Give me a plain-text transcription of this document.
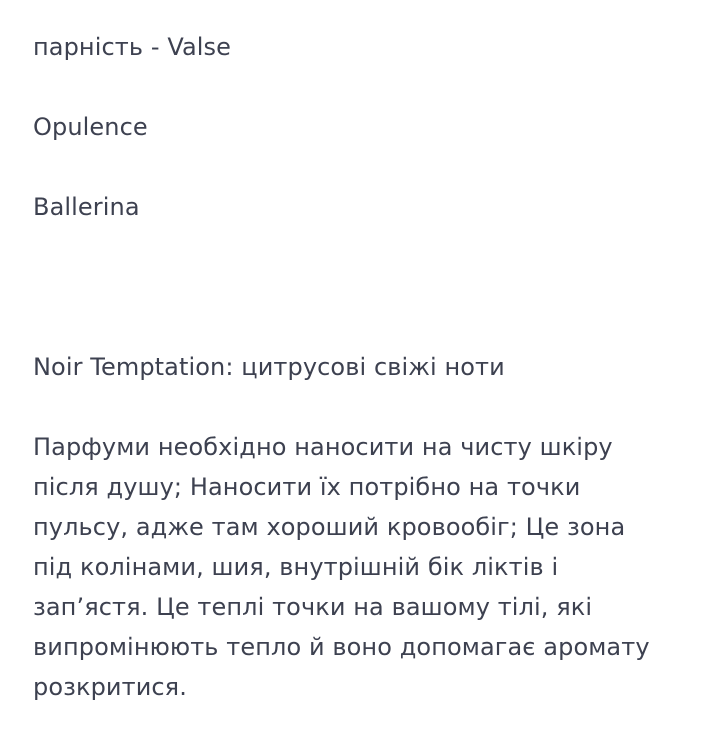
парність - Valse

Opulence

Ballerina

Noir Temptation: цитрусові свіжі ноти

Парфуми необхідно наносити на чисту шкіру
після душу; Наносити їх потрібно на точки
пульсу, адже там хороший кровообіг; Це зона
під колінами, шия, внутрішній бік ліктів і
зап’ястя. Це теплі точки на вашому тілі, які
випромінюють тепло й воно допомагає аромату
розкритися.
